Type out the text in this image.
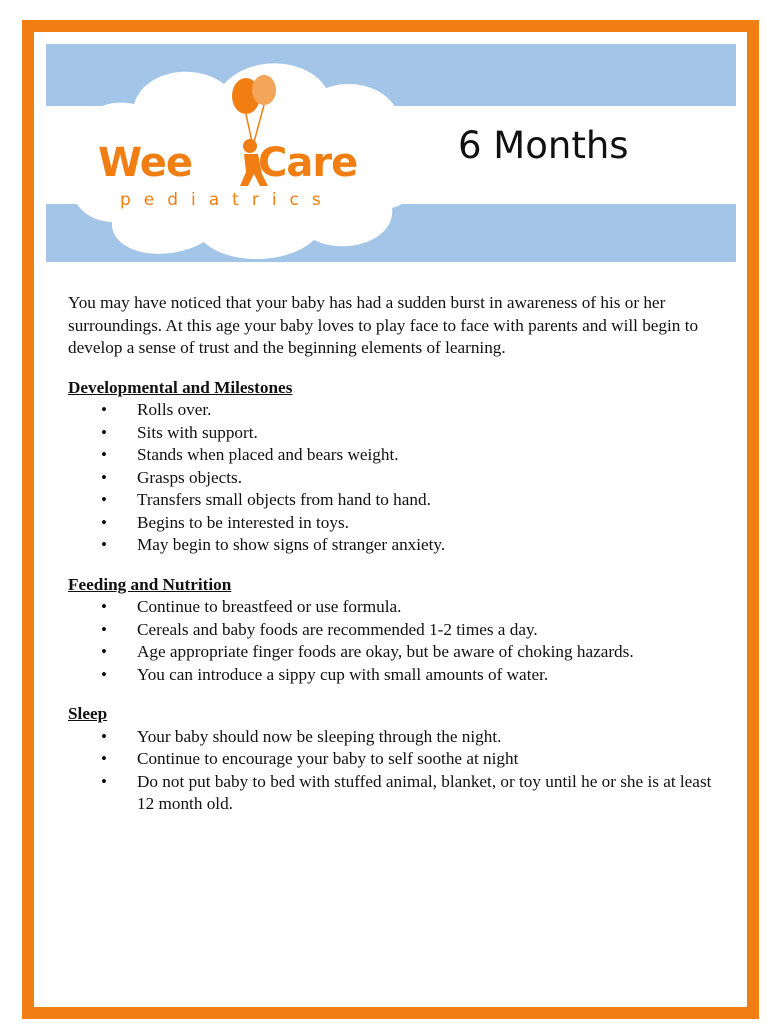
Wee Care
pediatrics
6 Months

You may have noticed that your baby has had a sudden burst in awareness of his or her surroundings. At this age your baby loves to play face to face with parents and will begin to develop a sense of trust and the beginning elements of learning.

Developmental and Milestones

• Rolls over.
• Sits with support.
• Stands when placed and bears weight.
• Grasps objects.
• Transfers small objects from hand to hand.
• Begins to be interested in toys.
• May begin to show signs of stranger anxiety.

Feeding and Nutrition

• Continue to breastfeed or use formula.
• Cereals and baby foods are recommended 1-2 times a day.
• Age appropriate finger foods are okay, but be aware of choking hazards.
• You can introduce a sippy cup with small amounts of water.

Sleep

• Your baby should now be sleeping through the night.
• Continue to encourage your baby to self soothe at night
• Do not put baby to bed with stuffed animal, blanket, or toy until he or she is at least 12 month old.
